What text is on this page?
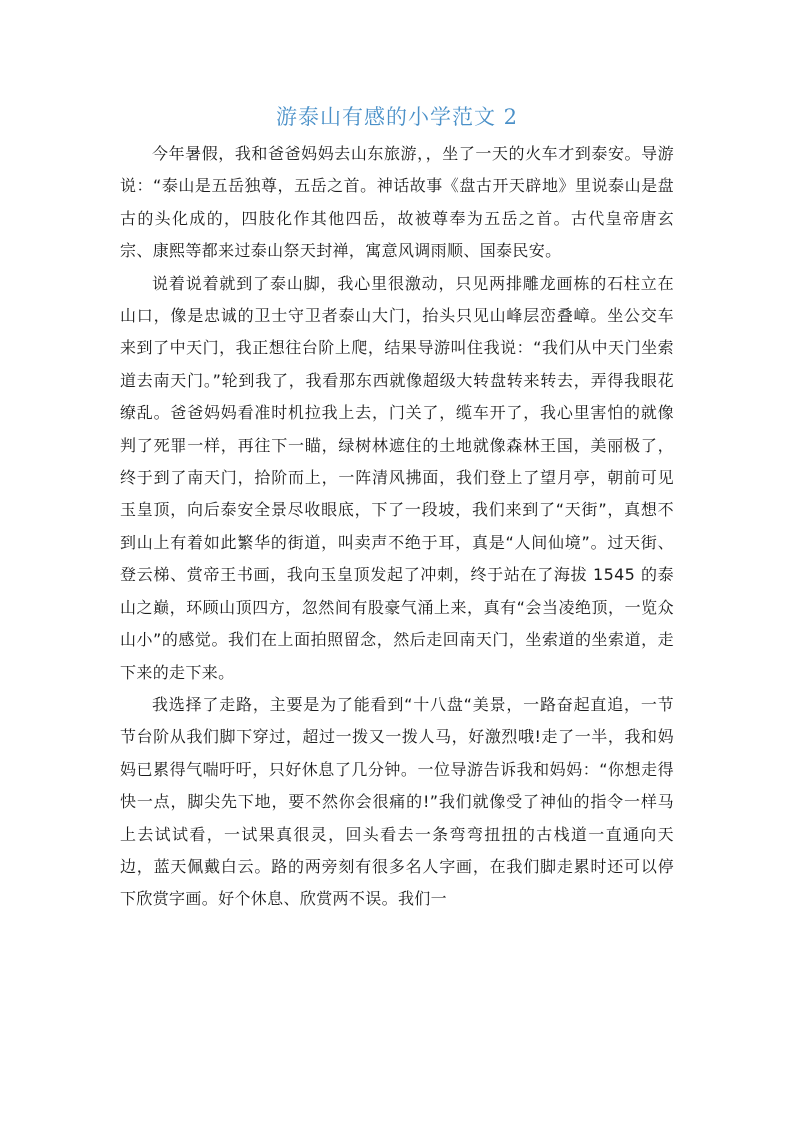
游泰山有感的小学范文 2

今年暑假，我和爸爸妈妈去山东旅游，，坐了一天的火车才到泰安。导游说：“泰山是五岳独尊，五岳之首。神话故事《盘古开天辟地》里说泰山是盘古的头化成的，四肢化作其他四岳，故被尊奉为五岳之首。古代皇帝唐玄宗、康熙等都来过泰山祭天封禅，寓意风调雨顺、国泰民安。

说着说着就到了泰山脚，我心里很激动，只见两排雕龙画栋的石柱立在山口，像是忠诚的卫士守卫者泰山大门，抬头只见山峰层峦叠嶂。坐公交车来到了中天门，我正想往台阶上爬，结果导游叫住我说：“我们从中天门坐索道去南天门。”轮到我了，我看那东西就像超级大转盘转来转去，弄得我眼花缭乱。爸爸妈妈看准时机拉我上去，门关了，缆车开了，我心里害怕的就像判了死罪一样，再往下一瞄，绿树林遮住的土地就像森林王国，美丽极了，终于到了南天门，拾阶而上，一阵清风拂面，我们登上了望月亭，朝前可见玉皇顶，向后泰安全景尽收眼底，下了一段坡，我们来到了“天街”，真想不到山上有着如此繁华的街道，叫卖声不绝于耳，真是“人间仙境”。过天街、登云梯、赏帝王书画，我向玉皇顶发起了冲刺，终于站在了海拔 1545 的泰山之巅，环顾山顶四方，忽然间有股豪气涌上来，真有“会当凌绝顶，一览众山小”的感觉。我们在上面拍照留念，然后走回南天门，坐索道的坐索道，走下来的走下来。

我选择了走路，主要是为了能看到“十八盘“美景，一路奋起直追，一节节台阶从我们脚下穿过，超过一拨又一拨人马，好激烈哦!走了一半，我和妈妈已累得气喘吁吁，只好休息了几分钟。一位导游告诉我和妈妈：“你想走得快一点，脚尖先下地，要不然你会很痛的!”我们就像受了神仙的指令一样马上去试试看，一试果真很灵，回头看去一条弯弯扭扭的古栈道一直通向天边，蓝天佩戴白云。路的两旁刻有很多名人字画，在我们脚走累时还可以停下欣赏字画。好个休息、欣赏两不误。我们一
